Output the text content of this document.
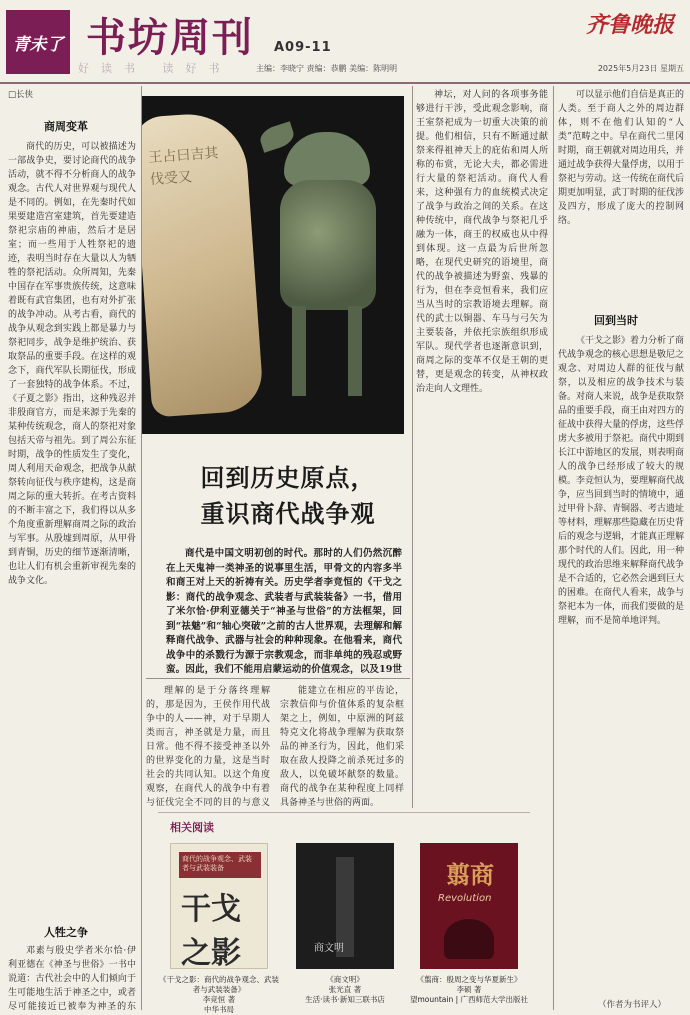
青未了 书坊周刊 A09-11
齐鲁晚报
好读书 读好书	主编：李晓宁 责编：恭鹏 美编：陈明明	2025年5月23日 星期五
□长侠
商周变革
商代的历史，可以被描述为一部战争史，要讨论商代的战争活动，就不得不分析商人的战争观念。古代人对世界观与现代人是不同的。例如，在先秦时代如果要建造宫室建筑，首先要建造祭祀宗庙的神庙，然后才是居室；而一些用于人牲祭祀的遗迹，表明当时存在大量以人为牺牲的祭祀活动。众所周知，先秦中国存在军事贵族传统，这意味着既有武官集团，也有对外扩张的战争冲动。从考古看，商代的战争从观念到实践上都是暴力与祭祀同步，战争是维护统治、获取祭品的重要手段。在这样的观念下，商代军队长期征伐，形成了一套独特的战争体系。不过，《子夏之影》指出，这种残忍并非殷商官方，而是来源于先秦的某种传统观念，商人的祭祀对象包括天帝与祖先。到了周公东征时期，战争的性质发生了变化，周人利用天命观念，把战争从献祭转向征伐与秩序建构，这是商周之际的重大转折。在考古资料的不断丰富之下，我们得以从多个角度重新理解商周之际的政治与军事。从殷墟到周原，从甲骨到青铜，历史的细节逐渐清晰，也让人们有机会重新审视先秦的战争文化。
人牲之争
邓素与殷史学者米尔恰·伊利亚德在《神圣与世俗》一书中说道：古代社会中的人们倾向于生可能地生活于神圣之中，或者尽可能接近已被奉为神圣的东
王占曰吉其伐受又
回到历史原点，
重识商代战争观
商代是中国文明初创的时代。那时的人们仍然沉醉在上天鬼神一类神圣的说事里生活，甲骨文的内容多半和商王对上天的祈祷有关。历史学者李竞恒的《干戈之影：商代的战争观念、武装者与武装装备》一书，借用了米尔恰·伊利亚德关于“神圣与世俗”的方法框架，回到“祛魅”和“轴心突破”之前的古人世界观，去理解和解释商代战争、武器与社会的种种现象。在他看来，商代战争中的杀戮行为源于宗教观念，而非单纯的残忍或野蛮。因此，我们不能用启蒙运动的价值观念，以及19世
理解的是于分落终理解的，那是因为，王侯作用代战争中的人——神，对于早期人类而言，神圣就是力量，而且日常。他不得不接受神圣以外的世界变化的力量，这是当时社会的共同认知。以这个角度观察，在商代人的战争中有着与征伐完全不同的目的与意义
能建立在相应的平齿论，宗教信仰与价值体系的复杂框架之上，例如，中原洲的阿兹特克文化将战争理解为获取祭品的神圣行为，因此，他们采取在敌人投降之前杀死过多的敌人，以免破坏献祭的数量。商代的战争在某种程度上同样具备神圣与世俗的两面。
神坛，对人问的各项事务能够进行干涉，受此观念影响，商王室祭祀成为一切重大决策的前提。他们相信，只有不断通过献祭来得祖神天上的庇佑和周人所称的布赏，无论大夫，都必需进行大量的祭祀活动。商代人看来，这种强有力的血统模式决定了战争与政治之间的关系。在这种传统中，商代战争与祭祀几乎融为一体，商王的权威也从中得到体现。这一点最为后世所忽略，在现代史研究的语境里，商代的战争被描述为野蛮、残暴的行为，但在李竞恒看来，我们应当从当时的宗教语境去理解。商代的武士以铜器、车马与弓矢为主要装备，并依托宗族组织形成军队。现代学者也逐渐意识到，商周之际的变革不仅是王朝的更替，更是观念的转变，从神权政治走向人文理性。
可以显示他们自信是真正的人类。至于商人之外的周边群体，则不在他们认知的“人类”范畴之中。早在商代二里冈时期，商王朝就对周边用兵，并通过战争获得大量俘虏，以用于祭祀与劳动。这一传统在商代后期更加明显，武丁时期的征伐涉及四方，形成了庞大的控制网络。
回到当时
《干戈之影》着力分析了商代战争观念的核心思想是敬尼之观念、对周边人群的征伐与献祭，以及相应的战争技术与装备。对商人来说，战争是获取祭品的重要手段，商王由对四方的征战中获得大量的俘虏，这些俘虏大多被用于祭祀。商代中期到长江中游地区的发展，则表明商人的战争已经形成了较大的规模。李竞恒认为，要理解商代战争，应当回到当时的情境中，通过甲骨卜辞、青铜器、考古遗址等材料，理解那些隐藏在历史背后的观念与逻辑，才能真正理解那个时代的人们。因此，用一种现代的政治思维来解释商代战争是不合适的，它必然会遇到巨大的困难。在商代人看来，战争与祭祀本为一体，而我们要做的是理解，而不是简单地评判。
（作者为书评人）
相关阅读
商代的战争观念、武装者与武装装备
干戈之影
《干戈之影：商代的战争观念、武装者与武装装备》
李竞恒 著
中华书局
商文明
《商文明》
张光直 著
生活·读书·新知三联书店
翦商
Revolution
《翦商：殷周之变与华夏新生》
李硕 著
望mountain | 广西师范大学出版社
